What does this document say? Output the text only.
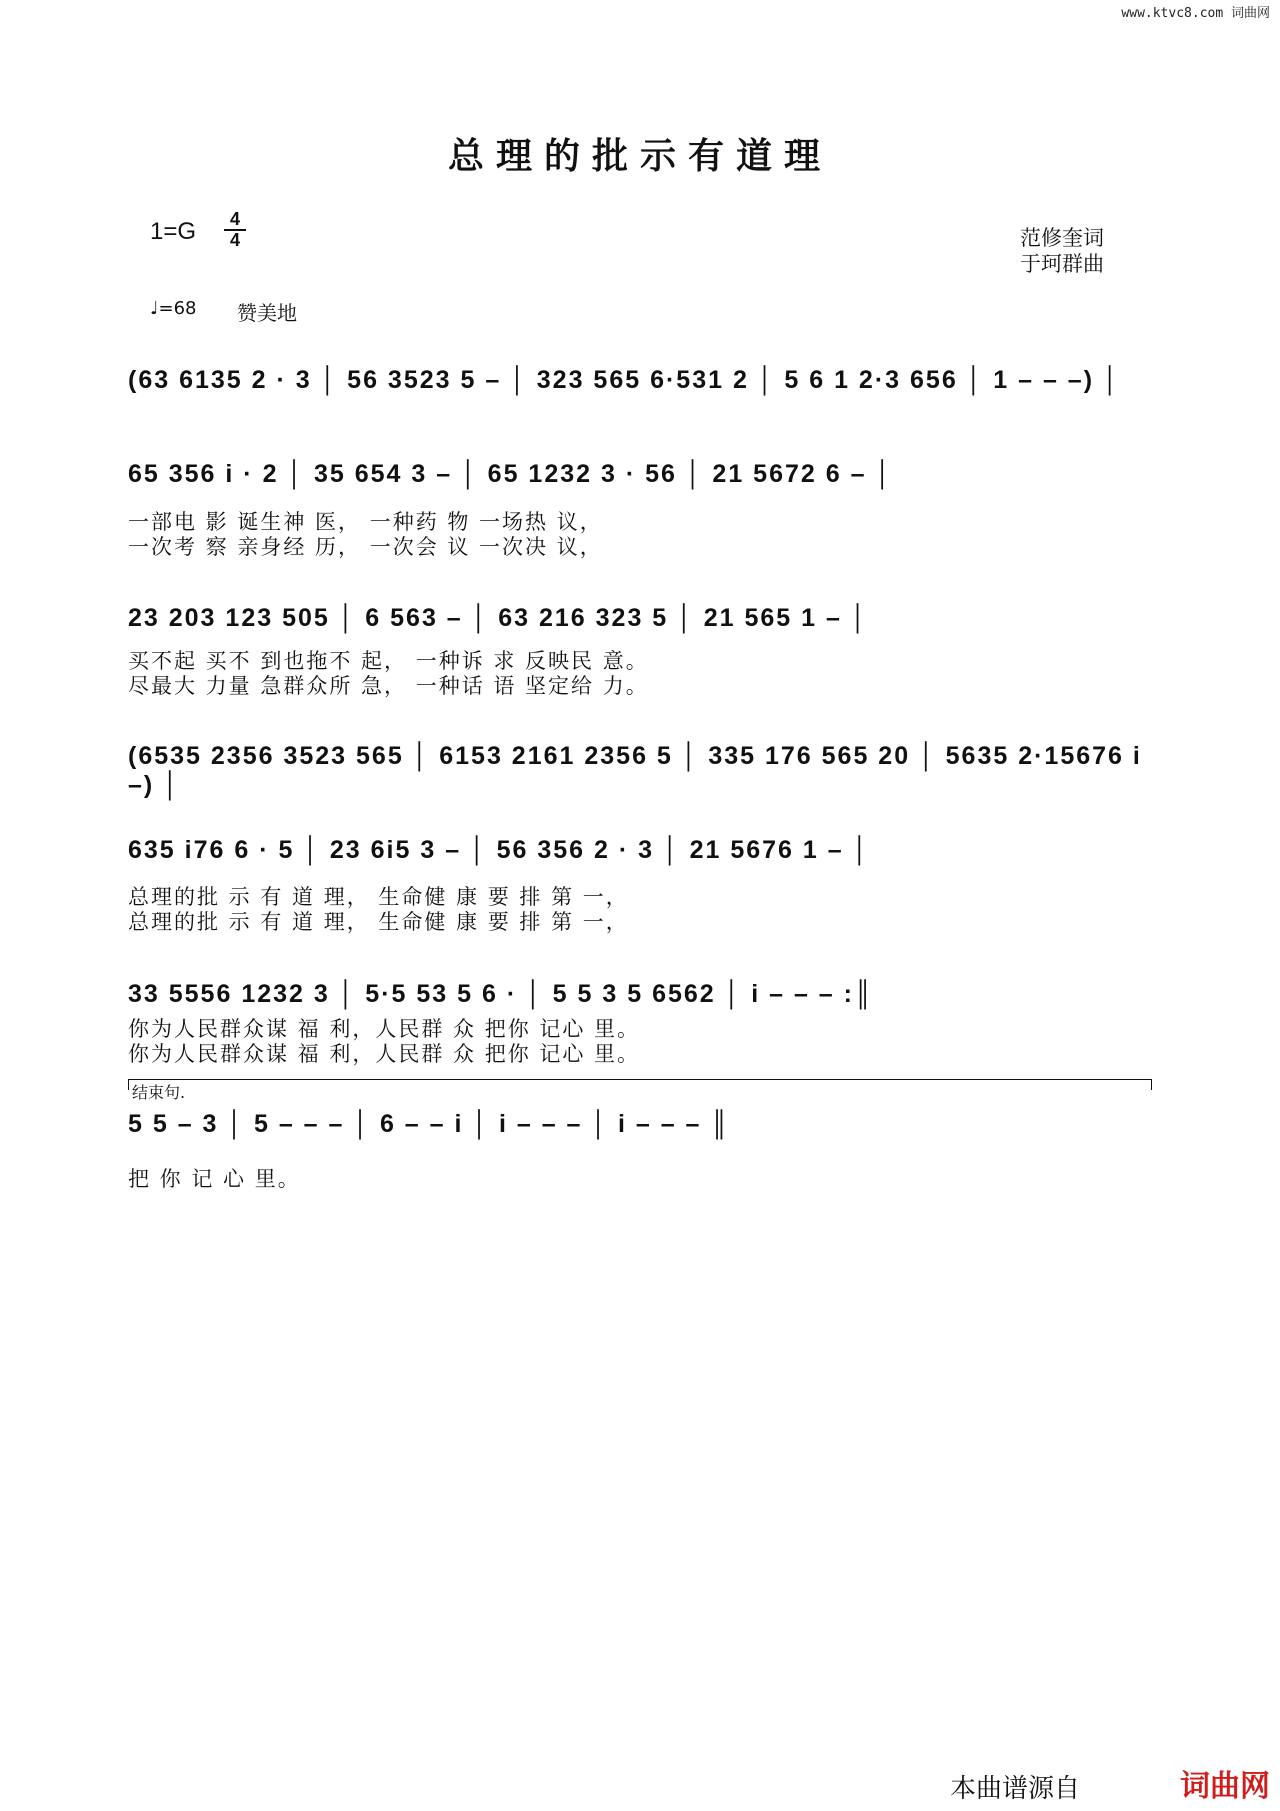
www.ktvc8.com 词曲网
总理的批示有道理
$1=G \frac{4}{4}$	范修奎词
于珂群曲
♩=68 赞美地
(63 6135 2 · 3 │ 56 3523 5 – │ 323 565 6·531 2 │ 5 6 1 2·3 656 │ 1 – – –) │
65 356 i · 2 │ 35 654 3 – │ 65 1232 3 · 56 │ 21 5672 6 – │
一部电 影 诞生神 医， 一种药 物 一场热 议，
一次考 察 亲身经 历， 一次会 议 一次决 议，
23 203 123 505 │ 6 563 – │ 63 216 323 5 │ 21 565 1 – │
买不起 买不 到也拖不 起， 一种诉 求 反映民 意。
尽最大 力量 急群众所 急， 一种话 语 坚定给 力。
(6535 2356 3523 565 │ 6153 2161 2356 5 │ 335 176 565 20 │ 5635 2·15676 i –) │
635 i76 6 · 5 │ 23 6i5 3 – │ 56 356 2 · 3 │ 21 5676 1 – │
总理的批 示 有 道 理， 生命健 康 要 排 第 一，
总理的批 示 有 道 理， 生命健 康 要 排 第 一，
33 5556 1232 3 │ 5·5 53 5 6 · │ 5 5 3 5 6562 │ i – – – :║
你为人民群众谋 福 利，人民群 众 把你 记心 里。
你为人民群众谋 福 利，人民群 众 把你 记心 里。
结束句.
5 5 – 3 │ 5 – – – │ 6 – – i │ i – – – │ i – – – ║
把 你 记 心 里。
本曲谱源自	词曲网
